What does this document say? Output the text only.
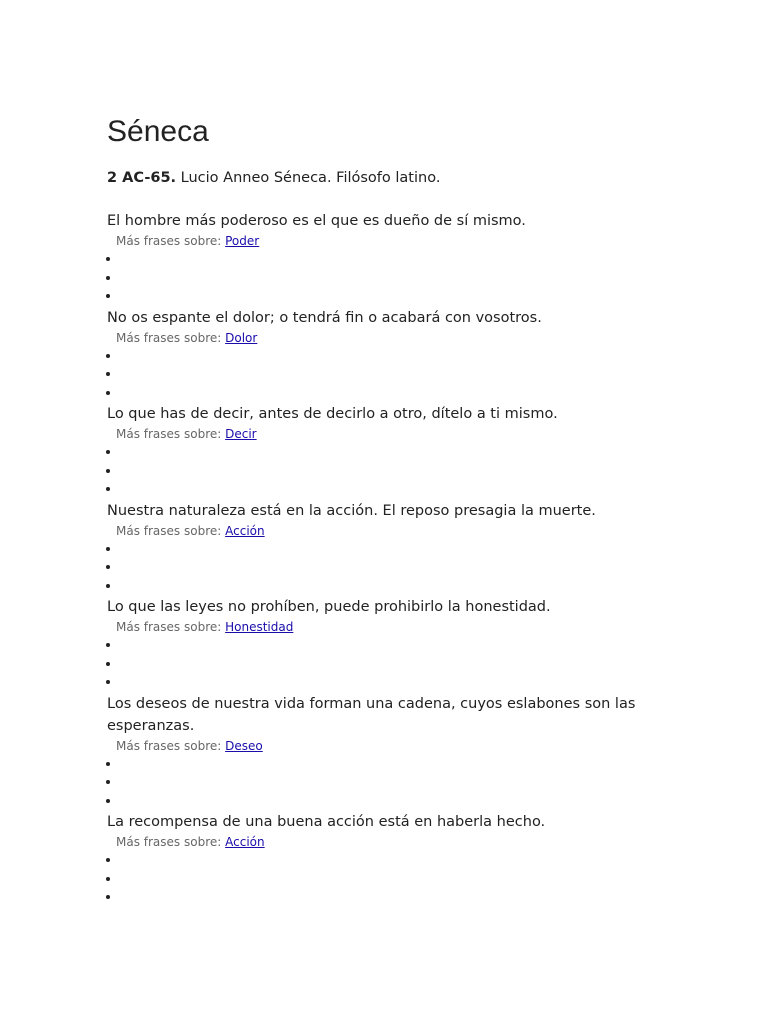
Séneca

2 AC-65. Lucio Anneo Séneca. Filósofo latino.

El hombre más poderoso es el que es dueño de sí mismo.

Más frases sobre: Poder
•
•
•

No os espante el dolor; o tendrá fin o acabará con vosotros.

Más frases sobre: Dolor
•
•
•

Lo que has de decir, antes de decirlo a otro, dítelo a ti mismo.

Más frases sobre: Decir
•
•
•

Nuestra naturaleza está en la acción. El reposo presagia la muerte.

Más frases sobre: Acción
•
•
•

Lo que las leyes no prohíben, puede prohibirlo la honestidad.

Más frases sobre: Honestidad
•
•
•

Los deseos de nuestra vida forman una cadena, cuyos eslabones son las esperanzas.

Más frases sobre: Deseo
•
•
•

La recompensa de una buena acción está en haberla hecho.

Más frases sobre: Acción
•
•
•
